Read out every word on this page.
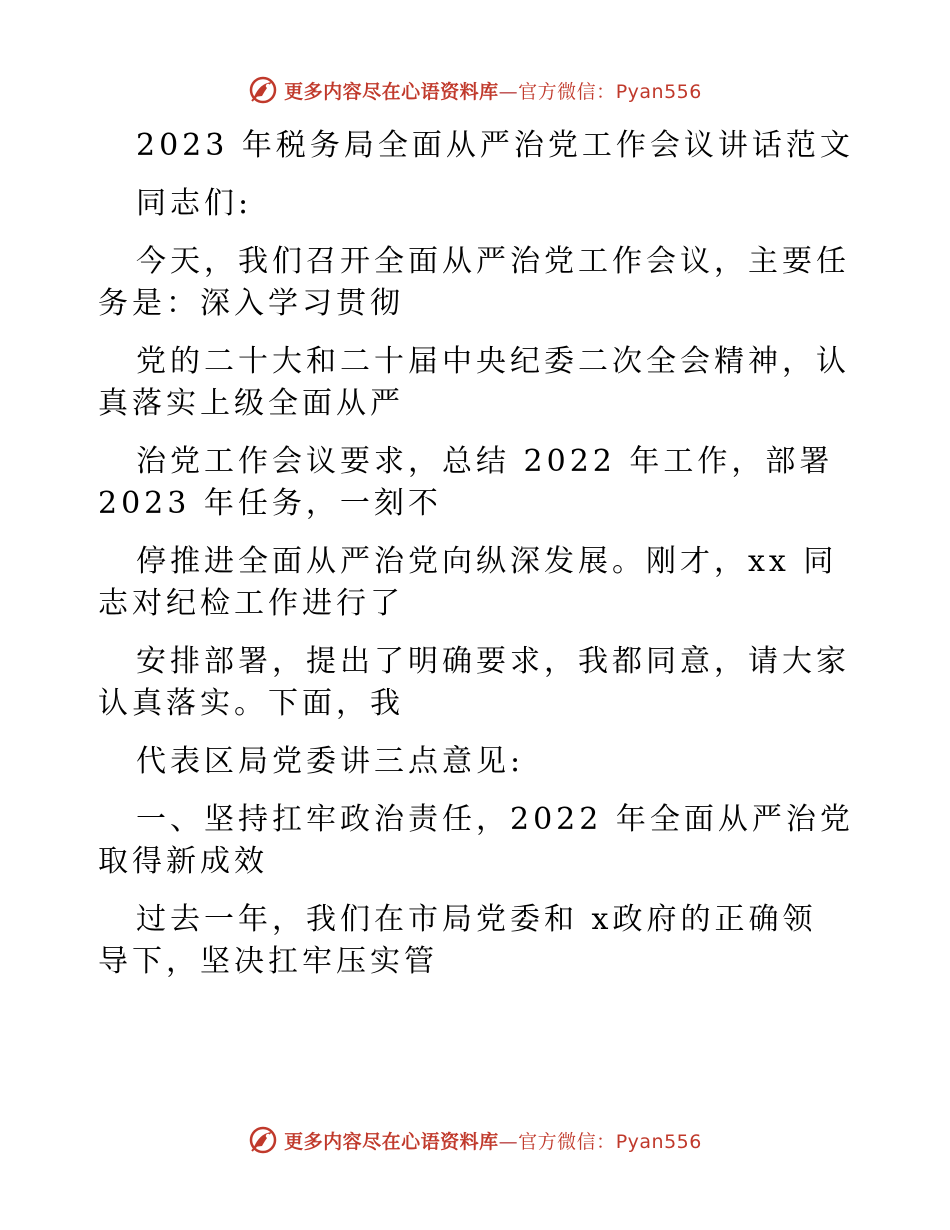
更多内容尽在心语资料库—官方微信：Pyan556

2023 年税务局全面从严治党工作会议讲话范文

同志们:

今天，我们召开全面从严治党工作会议，主要任

务是：深入学习贯彻

党的二十大和二十届中央纪委二次全会精神，认

真落实上级全面从严

治党工作会议要求，总结 2022 年工作，部署

2023 年任务，一刻不

停推进全面从严治党向纵深发展。刚才，xx 同

志对纪检工作进行了

安排部署，提出了明确要求，我都同意，请大家

认真落实。下面，我

代表区局党委讲三点意见:

一、坚持扛牢政治责任，2022 年全面从严治党

取得新成效

过去一年，我们在市局党委和 x政府的正确领

导下，坚决扛牢压实管

更多内容尽在心语资料库—官方微信：Pyan556
